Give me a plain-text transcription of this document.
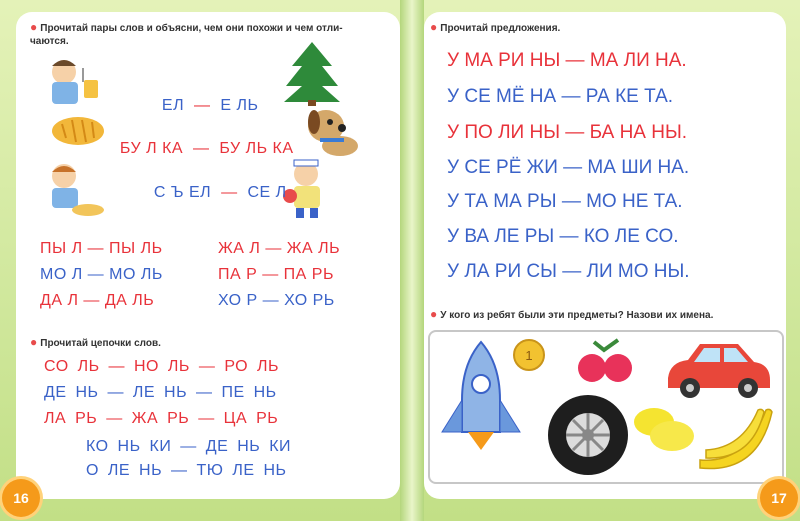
● Прочитай пары слов и объясни, чем они похожи и чем отли-
чаются.

ЕЛ  —  Е ЛЬ

БУ Л КА  —  БУ ЛЬ КА

С Ъ ЕЛ  —  СЕ Л

ПЫ Л — ПЫ ЛЬ	ЖА Л — ЖА ЛЬ
МО Л — МО ЛЬ	ПА Р — ПА РЬ
ДА Л — ДА ЛЬ	ХО Р — ХО РЬ
● Прочитай цепочки слов.
СО ЛЬ — НО ЛЬ — РО ЛЬ
ДЕ НЬ — ЛЕ НЬ — ПЕ НЬ
ЛА РЬ — ЖА РЬ — ЦА РЬ
КО НЬ КИ — ДЕ НЬ КИ
О ЛЕ НЬ — ТЮ ЛЕ НЬ
16
● Прочитай предложения.
У МА РИ НЫ — МА ЛИ НА.
У СЕ МЁ НА — РА КЕ ТА.
У ПО ЛИ НЫ — БА НА НЫ.
У СЕ РЁ ЖИ — МА ШИ НА.
У ТА МА РЫ — МО НЕ ТА.
У ВА ЛЕ РЫ — КО ЛЕ СО.
У ЛА РИ СЫ — ЛИ МО НЫ.
● У кого из ребят были эти предметы? Назови их имена.
1
17
